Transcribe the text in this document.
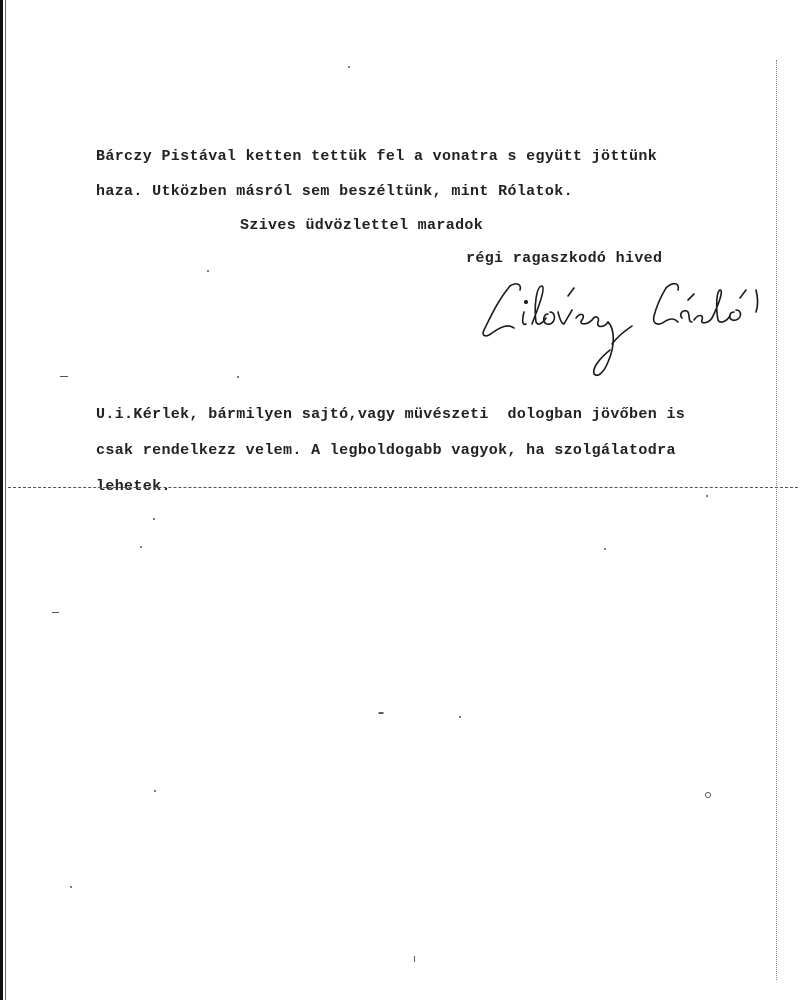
Bárczy Pistával ketten tettük fel a vonatra s együtt jöttünk
haza. Utközben másról sem beszéltünk, mint Rólatok.
Szives üdvözlettel maradok
régi ragaszkodó hived
U.i.Kérlek, bármilyen sajtó,vagy müvészeti  dologban jövőben is
csak rendelkezz velem. A legboldogabb vagyok, ha szolgálatodra
lehetek.
